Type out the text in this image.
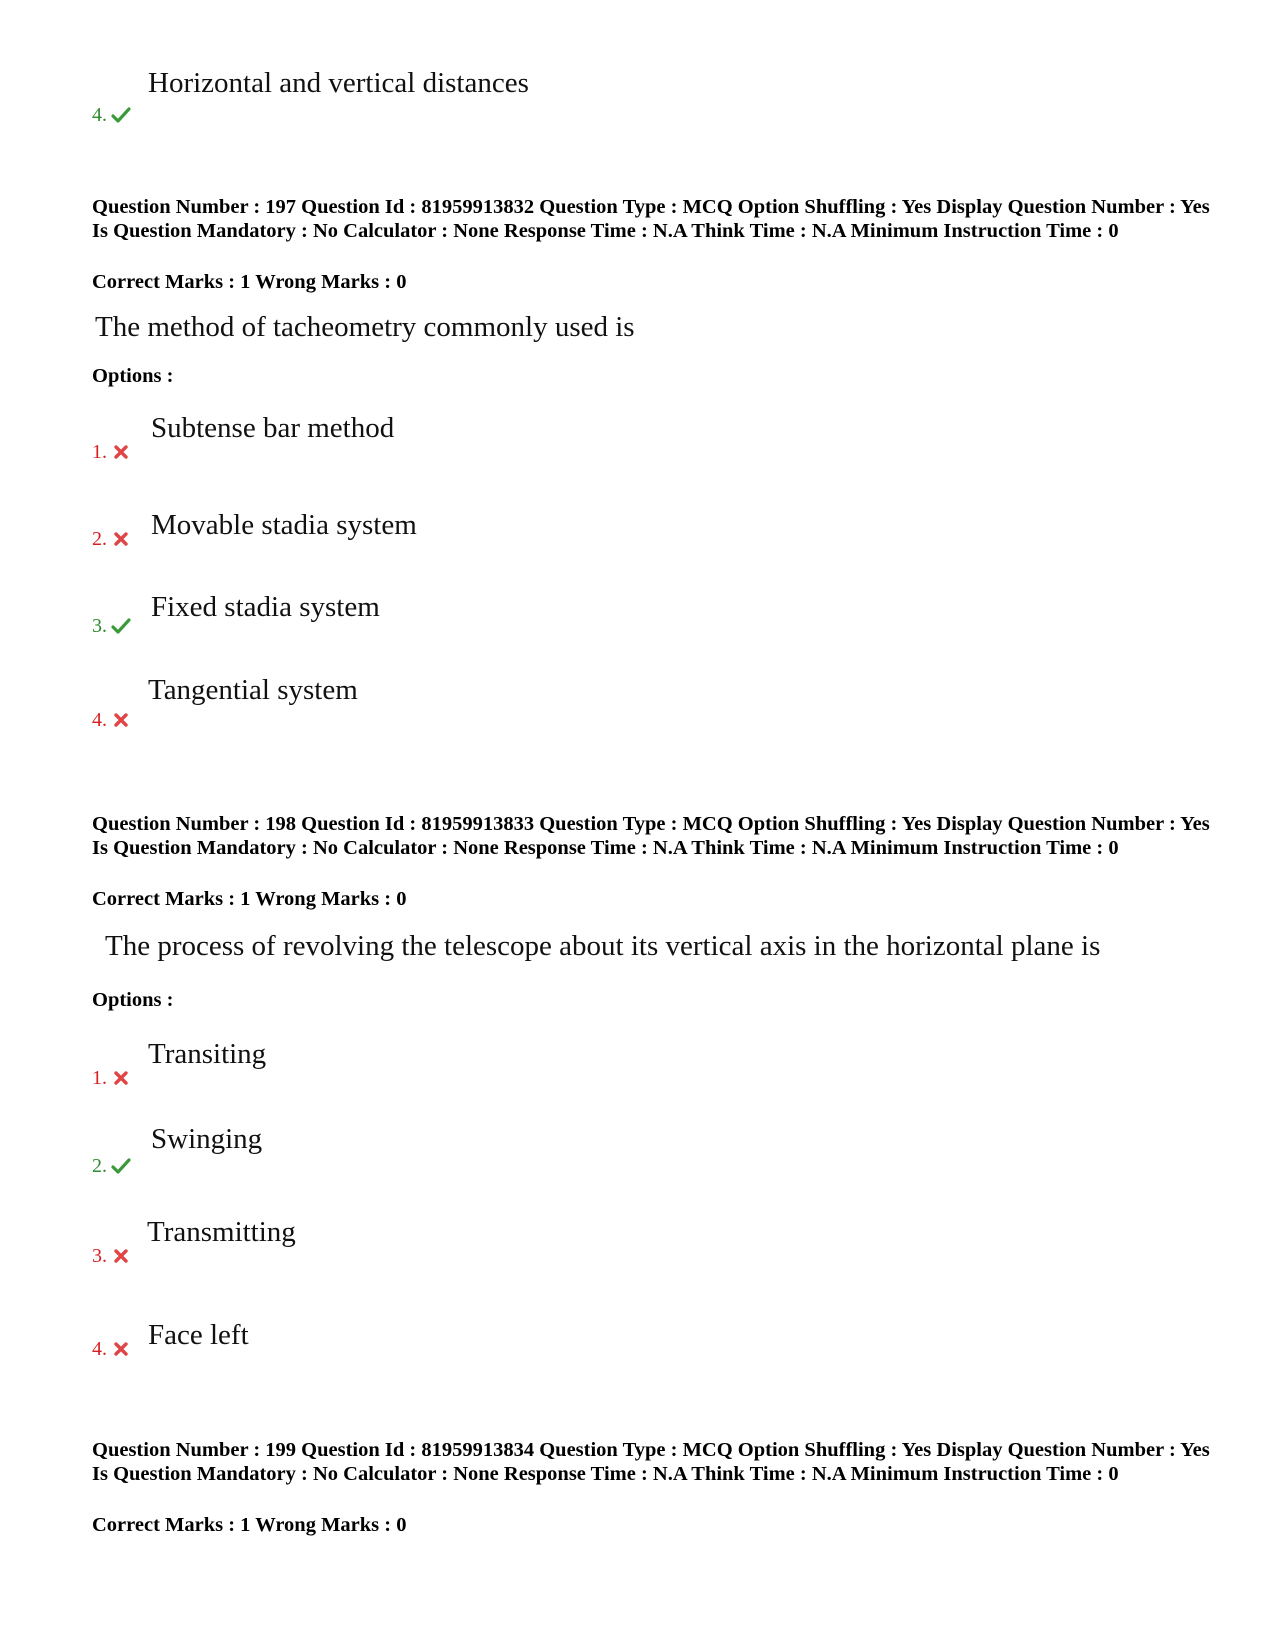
Horizontal and vertical distances
4.
Question Number : 197 Question Id : 81959913832 Question Type : MCQ Option Shuffling : Yes Display Question Number : Yes Is Question Mandatory : No Calculator : None Response Time : N.A Think Time : N.A Minimum Instruction Time : 0
Correct Marks : 1 Wrong Marks : 0
The method of tacheometry commonly used is
Options :
Subtense bar method
1.
Movable stadia system
2.
Fixed stadia system
3.
Tangential system
4.
Question Number : 198 Question Id : 81959913833 Question Type : MCQ Option Shuffling : Yes Display Question Number : Yes Is Question Mandatory : No Calculator : None Response Time : N.A Think Time : N.A Minimum Instruction Time : 0
Correct Marks : 1 Wrong Marks : 0
The process of revolving the telescope about its vertical axis in the horizontal plane is
Options :
Transiting
1.
Swinging
2.
Transmitting
3.
Face left
4.
Question Number : 199 Question Id : 81959913834 Question Type : MCQ Option Shuffling : Yes Display Question Number : Yes Is Question Mandatory : No Calculator : None Response Time : N.A Think Time : N.A Minimum Instruction Time : 0
Correct Marks : 1 Wrong Marks : 0
